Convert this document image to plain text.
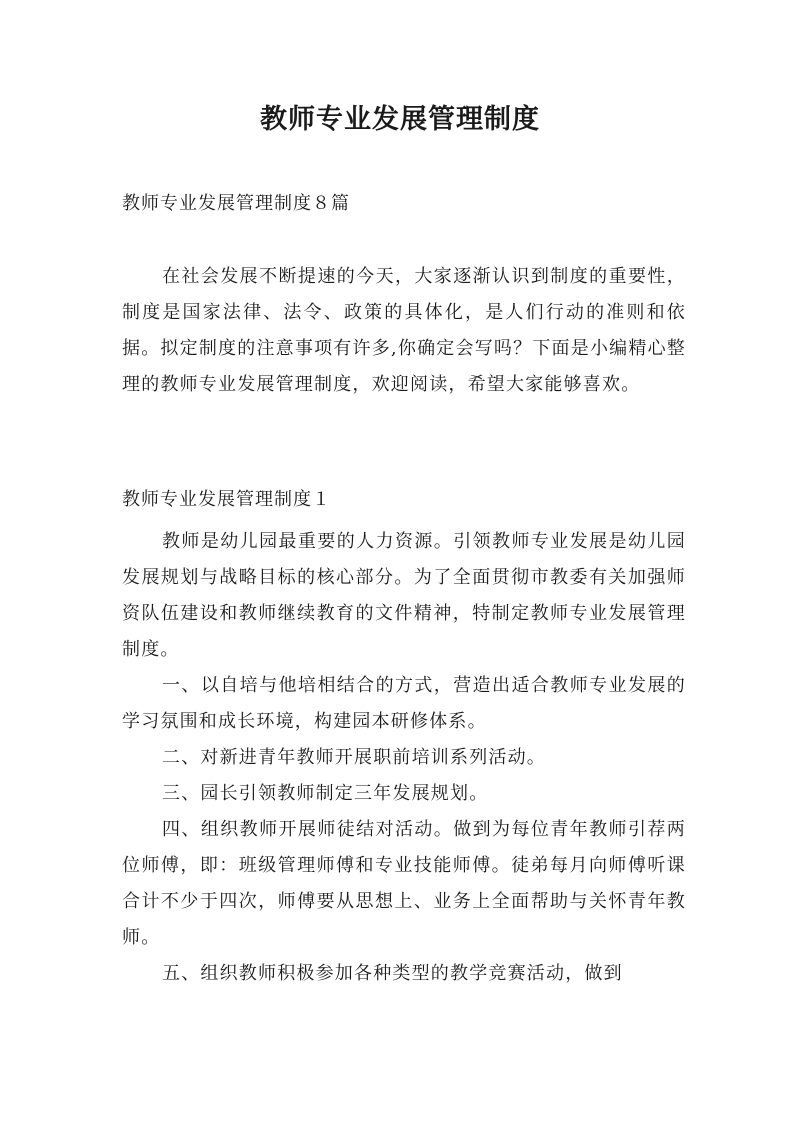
教师专业发展管理制度
教师专业发展管理制度８篇

在社会发展不断提速的今天，大家逐渐认识到制度的重要性，制度是国家法律、法令、政策的具体化，是人们行动的准则和依据。拟定制度的注意事项有许多,你确定会写吗？下面是小编精心整理的教师专业发展管理制度，欢迎阅读，希望大家能够喜欢。

教师专业发展管理制度１

教师是幼儿园最重要的人力资源。引领教师专业发展是幼儿园发展规划与战略目标的核心部分。为了全面贯彻市教委有关加强师资队伍建设和教师继续教育的文件精神，特制定教师专业发展管理制度。

一、以自培与他培相结合的方式，营造出适合教师专业发展的学习氛围和成长环境，构建园本研修体系。

二、对新进青年教师开展职前培训系列活动。

三、园长引领教师制定三年发展规划。

四、组织教师开展师徒结对活动。做到为每位青年教师引荐两位师傅，即：班级管理师傅和专业技能师傅。徒弟每月向师傅听课合计不少于四次，师傅要从思想上、业务上全面帮助与关怀青年教师。

五、组织教师积极参加各种类型的教学竞赛活动，做到
